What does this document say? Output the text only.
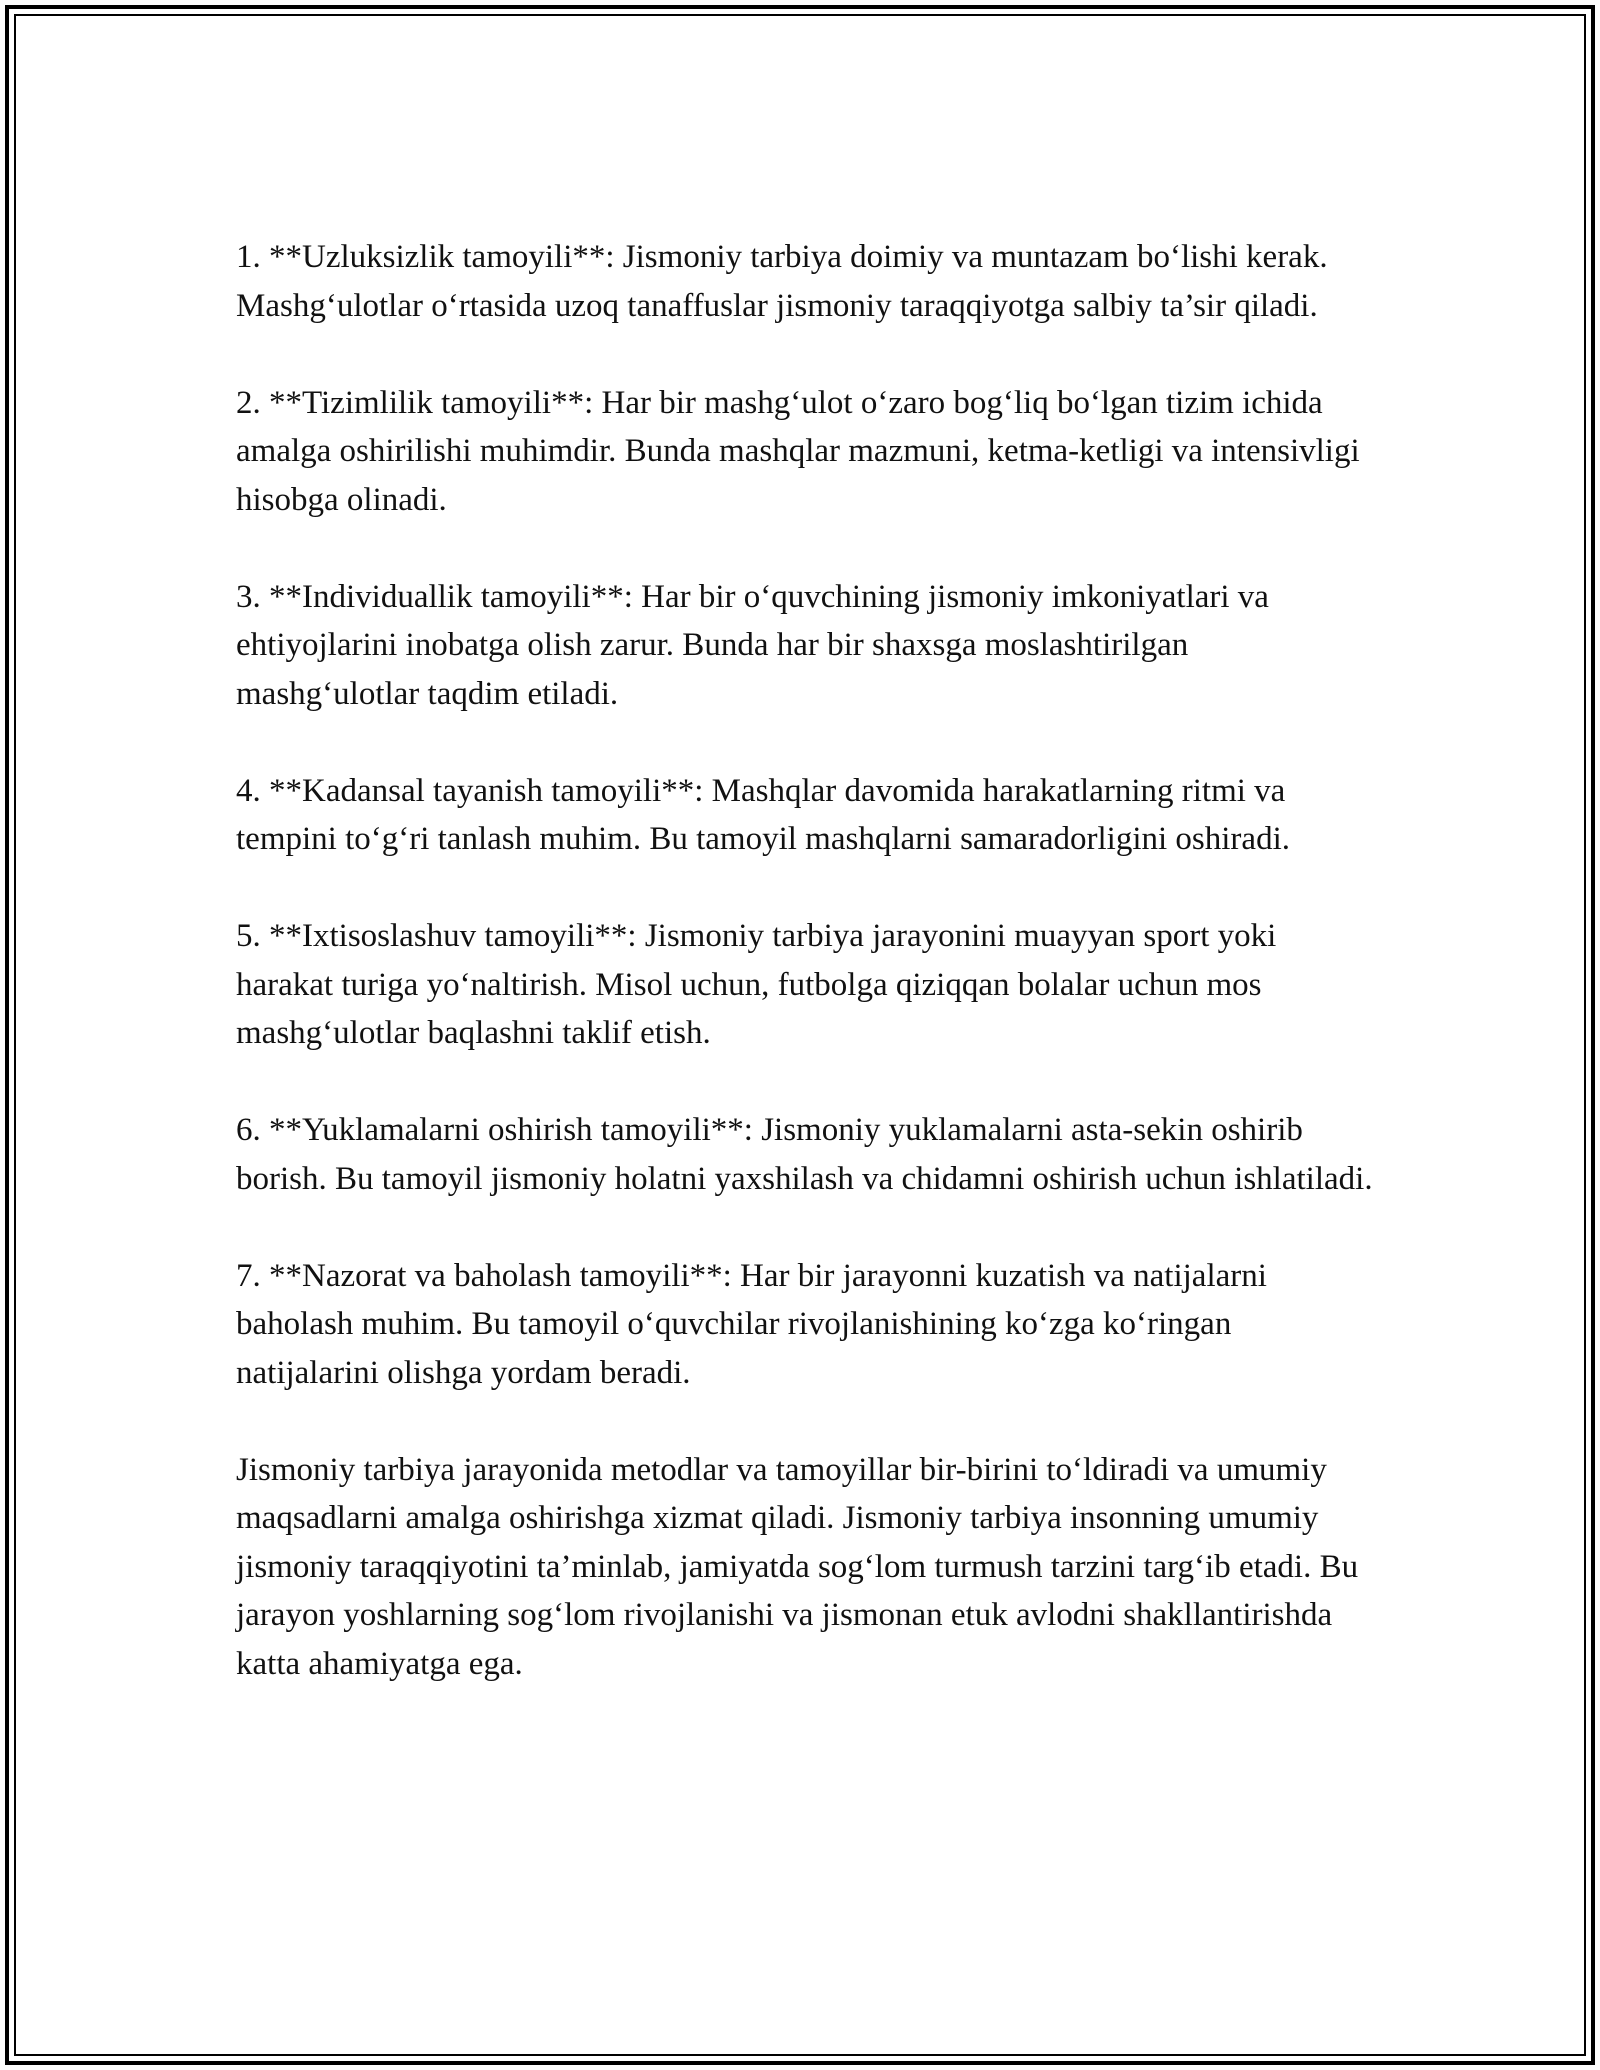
1. **Uzluksizlik tamoyili**: Jismoniy tarbiya doimiy va muntazam bo‘lishi kerak. Mashg‘ulotlar o‘rtasida uzoq tanaffuslar jismoniy taraqqiyotga salbiy ta’sir qiladi.

2. **Tizimlilik tamoyili**: Har bir mashg‘ulot o‘zaro bog‘liq bo‘lgan tizim ichida amalga oshirilishi muhimdir. Bunda mashqlar mazmuni, ketma-ketligi va intensivligi hisobga olinadi.

3. **Individuallik tamoyili**: Har bir o‘quvchining jismoniy imkoniyatlari va ehtiyojlarini inobatga olish zarur. Bunda har bir shaxsga moslashtirilgan mashg‘ulotlar taqdim etiladi.

4. **Kadansal tayanish tamoyili**: Mashqlar davomida harakatlarning ritmi va tempini to‘g‘ri tanlash muhim. Bu tamoyil mashqlarni samaradorligini oshiradi.

5. **Ixtisoslashuv tamoyili**: Jismoniy tarbiya jarayonini muayyan sport yoki harakat turiga yo‘naltirish. Misol uchun, futbolga qiziqqan bolalar uchun mos mashg‘ulotlar baqlashni taklif etish.

6. **Yuklamalarni oshirish tamoyili**: Jismoniy yuklamalarni asta-sekin oshirib borish. Bu tamoyil jismoniy holatni yaxshilash va chidamni oshirish uchun ishlatiladi.

7. **Nazorat va baholash tamoyili**: Har bir jarayonni kuzatish va natijalarni baholash muhim. Bu tamoyil o‘quvchilar rivojlanishining ko‘zga ko‘ringan natijalarini olishga yordam beradi.

Jismoniy tarbiya jarayonida metodlar va tamoyillar bir-birini to‘ldiradi va umumiy maqsadlarni amalga oshirishga xizmat qiladi. Jismoniy tarbiya insonning umumiy jismoniy taraqqiyotini ta’minlab, jamiyatda sog‘lom turmush tarzini targ‘ib etadi. Bu jarayon yoshlarning sog‘lom rivojlanishi va jismonan etuk avlodni shakllantirishda katta ahamiyatga ega.
